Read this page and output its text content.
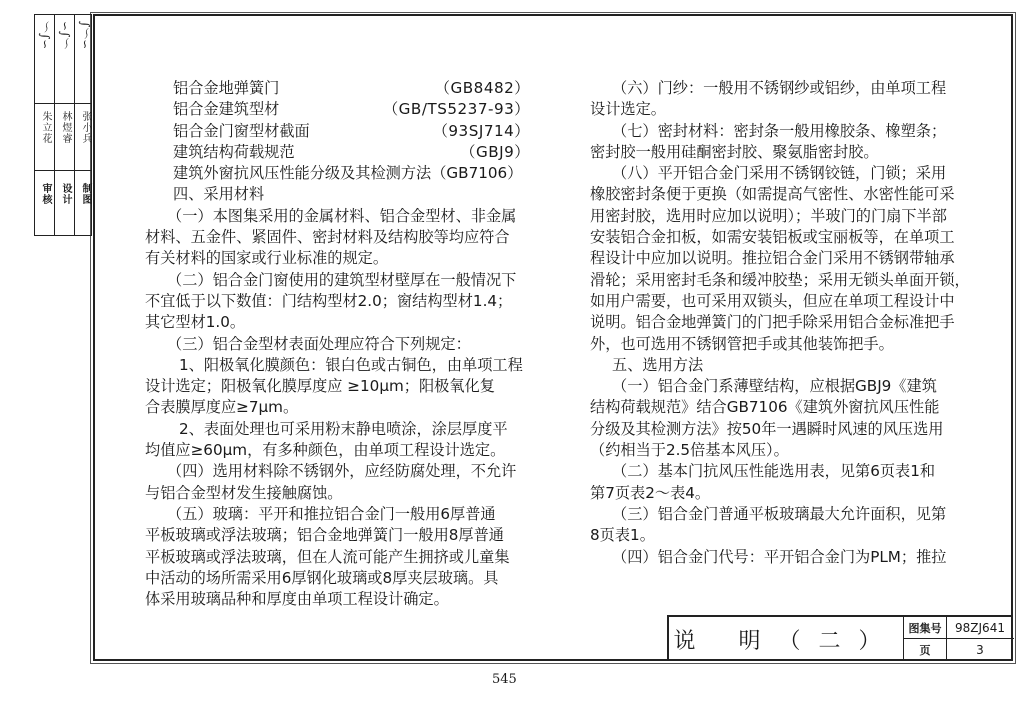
审核 设计 制图
朱立花 林煜睿 张小兵
～∫∽ ∽∫～ ∫～∽
铝合金地弹簧门	（GB8482）
铝合金建筑型材	（GB/TS5237-93）
铝合金门窗型材截面	（93SJ714）
建筑结构荷载规范	（GBJ9）
建筑外窗抗风压性能分级及其检测方法（GB7106）
四、采用材料
（一）本图集采用的金属材料、铝合金型材、非金属
材料、五金件、紧固件、密封材料及结构胶等均应符合
有关材料的国家或行业标准的规定。
（二）铝合金门窗使用的建筑型材壁厚在一般情况下
不宜低于以下数值：门结构型材2.0；窗结构型材1.4；
其它型材1.0。
（三）铝合金型材表面处理应符合下列规定：
1、阳极氧化膜颜色：银白色或古铜色，由单项工程
设计选定；阳极氧化膜厚度应 ≥10μm；阳极氧化复
合表膜厚度应≥7μm。
2、表面处理也可采用粉末静电喷涂，涂层厚度平
均值应≥60μm，有多种颜色，由单项工程设计选定。
（四）选用材料除不锈钢外，应经防腐处理，不允许
与铝合金型材发生接触腐蚀。
（五）玻璃：平开和推拉铝合金门一般用6厚普通
平板玻璃或浮法玻璃；铝合金地弹簧门一般用8厚普通
平板玻璃或浮法玻璃，但在人流可能产生拥挤或儿童集
中活动的场所需采用6厚钢化玻璃或8厚夹层玻璃。具
体采用玻璃品种和厚度由单项工程设计确定。
（六）门纱：一般用不锈钢纱或铝纱，由单项工程
设计选定。
（七）密封材料：密封条一般用橡胶条、橡塑条；
密封胶一般用硅酮密封胶、聚氨脂密封胶。
（八）平开铝合金门采用不锈钢铰链，门锁；采用
橡胶密封条便于更换（如需提高气密性、水密性能可采
用密封胶，选用时应加以说明）；半玻门的门扇下半部
安装铝合金扣板，如需安装铝板或宝丽板等，在单项工
程设计中应加以说明。推拉铝合金门采用不锈钢带轴承
滑轮；采用密封毛条和缓冲胶垫；采用无锁头单面开锁，
如用户需要，也可采用双锁头，但应在单项工程设计中
说明。铝合金地弹簧门的门把手除采用铝合金标准把手
外，也可选用不锈钢管把手或其他装饰把手。
五、选用方法
（一）铝合金门系薄壁结构，应根据GBJ9《建筑
结构荷载规范》结合GB7106《建筑外窗抗风压性能
分级及其检测方法》按50年一遇瞬时风速的风压选用
（约相当于2.5倍基本风压）。
（二）基本门抗风压性能选用表，见第6页表1和
第7页表2～表4。
（三）铝合金门普通平板玻璃最大允许面积，见第
8页表1。
（四）铝合金门代号：平开铝合金门为PLM；推拉
说 明（二）
图集号	98ZJ641
页	3
545
